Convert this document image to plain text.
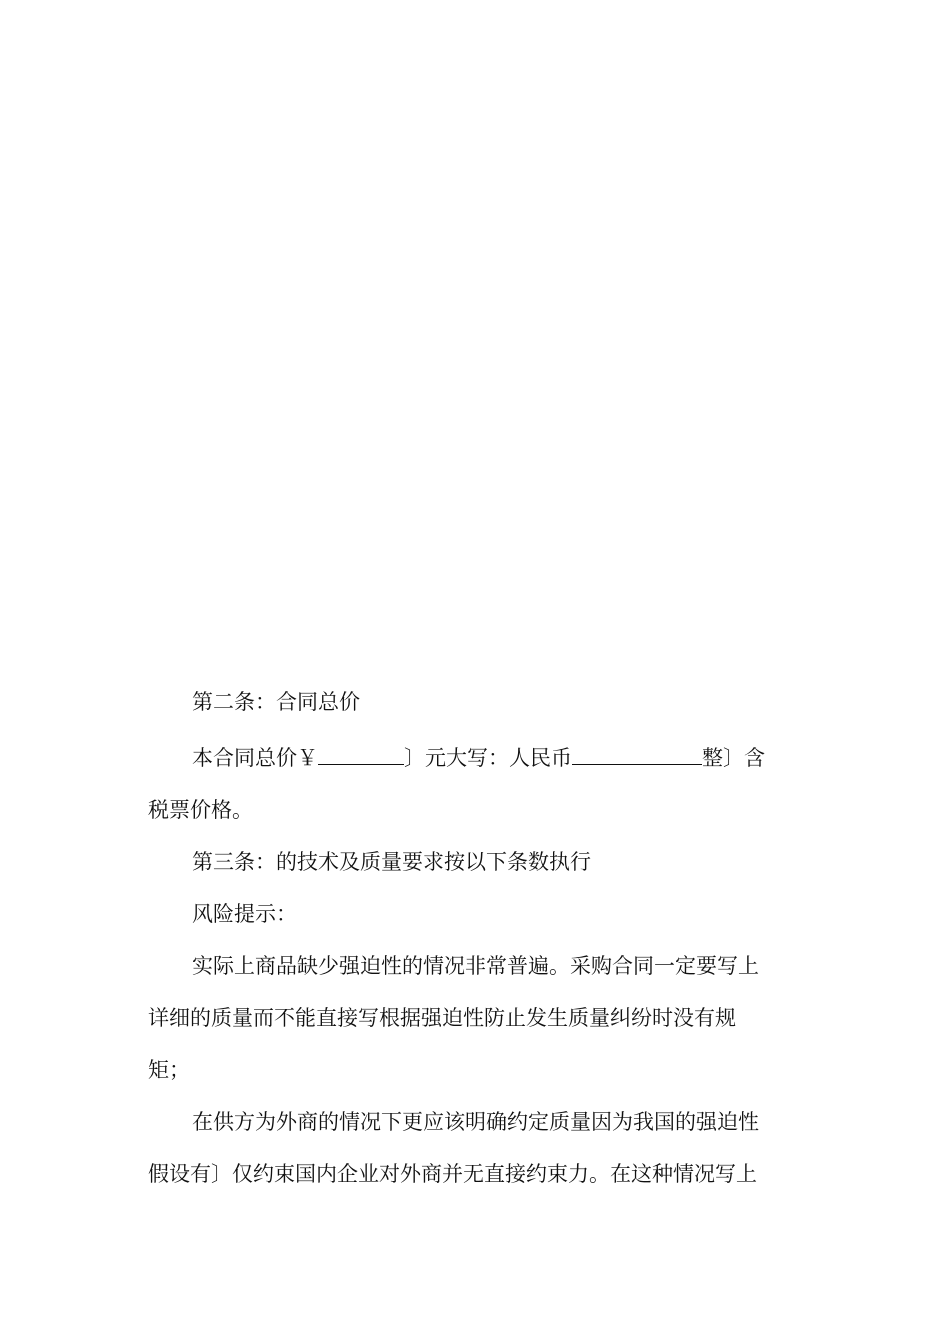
第二条：合同总价
本合同总价￥	〕元大写：人民币	整〕含
税票价格。
第三条：的技术及质量要求按以下条数执行
风险提示：
实际上商品缺少强迫性的情况非常普遍。采购合同一定要写上
详细的质量而不能直接写根据强迫性防止发生质量纠纷时没有规
矩；
在供方为外商的情况下更应该明确约定质量因为我国的强迫性
假设有〕仅约束国内企业对外商并无直接约束力。在这种情况写上
